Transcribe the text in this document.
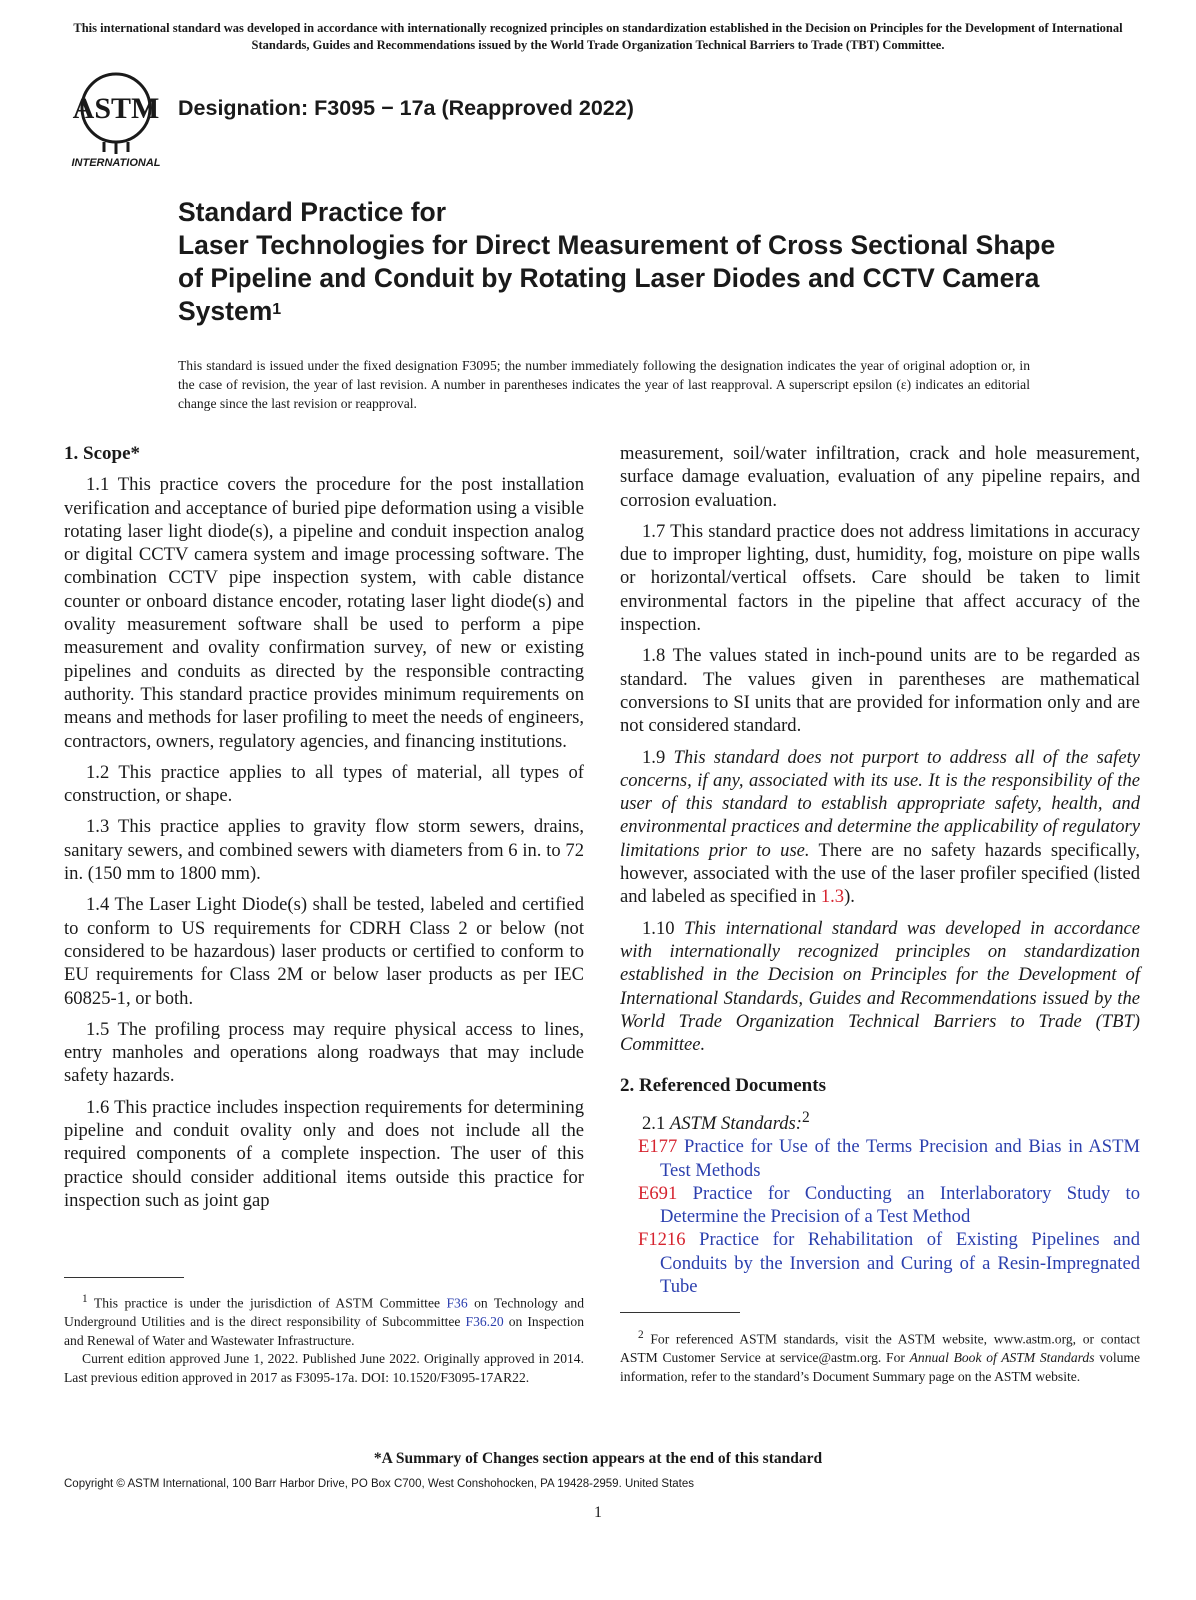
This international standard was developed in accordance with internationally recognized principles on standardization established in the Decision on Principles for the Development of International Standards, Guides and Recommendations issued by the World Trade Organization Technical Barriers to Trade (TBT) Committee.
ASTM
INTERNATIONAL
Designation: F3095 − 17a (Reapproved 2022)
Standard Practice for
Laser Technologies for Direct Measurement of Cross Sectional Shape of Pipeline and Conduit by Rotating Laser Diodes and CCTV Camera System$^1$
This standard is issued under the fixed designation F3095; the number immediately following the designation indicates the year of original adoption or, in the case of revision, the year of last revision. A number in parentheses indicates the year of last reapproval. A superscript epsilon (ε) indicates an editorial change since the last revision or reapproval.
1. Scope*

1.1 This practice covers the procedure for the post installation verification and acceptance of buried pipe deformation using a visible rotating laser light diode(s), a pipeline and conduit inspection analog or digital CCTV camera system and image processing software. The combination CCTV pipe inspection system, with cable distance counter or onboard distance encoder, rotating laser light diode(s) and ovality measurement software shall be used to perform a pipe measurement and ovality confirmation survey, of new or existing pipelines and conduits as directed by the responsible contracting authority. This standard practice provides minimum requirements on means and methods for laser profiling to meet the needs of engineers, contractors, owners, regulatory agencies, and financing institutions.

1.2 This practice applies to all types of material, all types of construction, or shape.

1.3 This practice applies to gravity flow storm sewers, drains, sanitary sewers, and combined sewers with diameters from 6 in. to 72 in. (150 mm to 1800 mm).

1.4 The Laser Light Diode(s) shall be tested, labeled and certified to conform to US requirements for CDRH Class 2 or below (not considered to be hazardous) laser products or certified to conform to EU requirements for Class 2M or below laser products as per IEC 60825-1, or both.

1.5 The profiling process may require physical access to lines, entry manholes and operations along roadways that may include safety hazards.

1.6 This practice includes inspection requirements for determining pipeline and conduit ovality only and does not include all the required components of a complete inspection. The user of this practice should consider additional items outside this practice for inspection such as joint gap

$^1$ This practice is under the jurisdiction of ASTM Committee F36 on Technology and Underground Utilities and is the direct responsibility of Subcommittee F36.20 on Inspection and Renewal of Water and Wastewater Infrastructure.

Current edition approved June 1, 2022. Published June 2022. Originally approved in 2014. Last previous edition approved in 2017 as F3095-17a. DOI: 10.1520/F3095-17AR22.

measurement, soil/water infiltration, crack and hole measurement, surface damage evaluation, evaluation of any pipeline repairs, and corrosion evaluation.

1.7 This standard practice does not address limitations in accuracy due to improper lighting, dust, humidity, fog, moisture on pipe walls or horizontal/vertical offsets. Care should be taken to limit environmental factors in the pipeline that affect accuracy of the inspection.

1.8 The values stated in inch-pound units are to be regarded as standard. The values given in parentheses are mathematical conversions to SI units that are provided for information only and are not considered standard.

1.9 This standard does not purport to address all of the safety concerns, if any, associated with its use. It is the responsibility of the user of this standard to establish appropriate safety, health, and environmental practices and determine the applicability of regulatory limitations prior to use. There are no safety hazards specifically, however, associated with the use of the laser profiler specified (listed and labeled as specified in 1.3).

1.10 This international standard was developed in accordance with internationally recognized principles on standardization established in the Decision on Principles for the Development of International Standards, Guides and Recommendations issued by the World Trade Organization Technical Barriers to Trade (TBT) Committee.

2. Referenced Documents

2.1 ASTM Standards:$^2$

E177 Practice for Use of the Terms Precision and Bias in ASTM Test Methods
E691 Practice for Conducting an Interlaboratory Study to Determine the Precision of a Test Method
F1216 Practice for Rehabilitation of Existing Pipelines and Conduits by the Inversion and Curing of a Resin-Impregnated Tube

$^2$ For referenced ASTM standards, visit the ASTM website, www.astm.org, or contact ASTM Customer Service at service@astm.org. For Annual Book of ASTM Standards volume information, refer to the standard’s Document Summary page on the ASTM website.

*A Summary of Changes section appears at the end of this standard
Copyright © ASTM International, 100 Barr Harbor Drive, PO Box C700, West Conshohocken, PA 19428-2959. United States
1
